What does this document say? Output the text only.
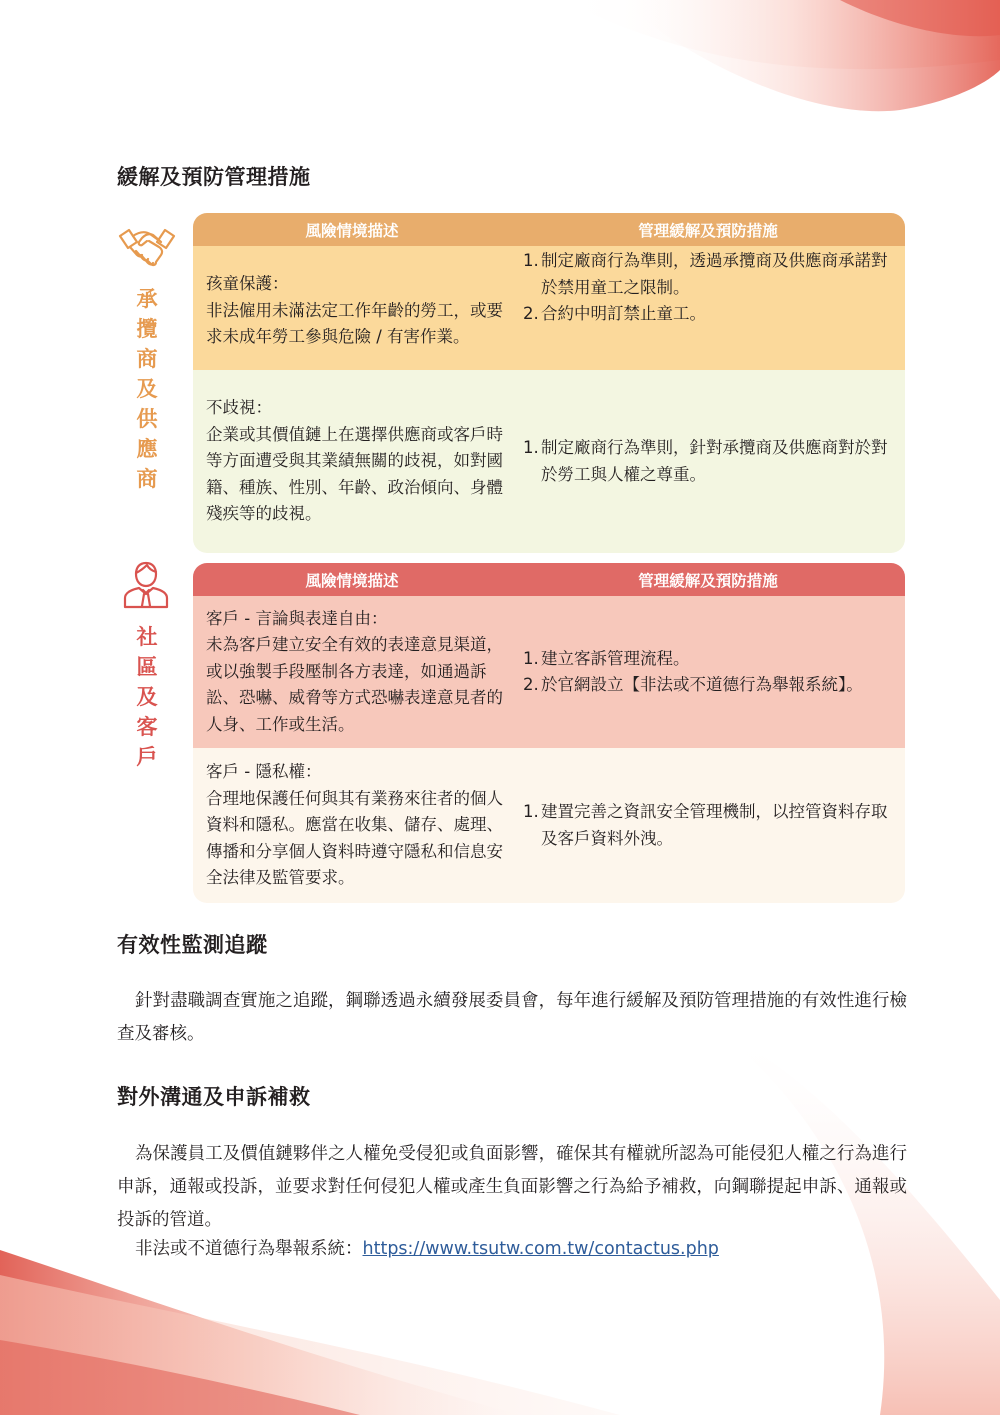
緩解及預防管理措施
承
攬
商
及
供
應
商
風險情境描述	管理緩解及預防措施
孩童保護：
非法僱用未滿法定工作年齡的勞工，或要求未成年勞工參與危險 / 有害作業。
1. 制定廠商行為準則，透過承攬商及供應商承諾對於禁用童工之限制。
2. 合約中明訂禁止童工。
不歧視：
企業或其價值鏈上在選擇供應商或客戶時等方面遭受與其業績無關的歧視，如對國籍、種族、性別、年齡、政治傾向、身體殘疾等的歧視。
1. 制定廠商行為準則，針對承攬商及供應商對於對於勞工與人權之尊重。
社
區
及
客
戶
風險情境描述	管理緩解及預防措施
客戶 - 言論與表達自由：
未為客戶建立安全有效的表達意見渠道，或以強製手段壓制各方表達，如通過訴訟、恐嚇、威脅等方式恐嚇表達意見者的人身、工作或生活。
1. 建立客訴管理流程。
2. 於官網設立【非法或不道德行為舉報系統】。
客戶 - 隱私權：
合理地保護任何與其有業務來往者的個人資料和隱私。應當在收集、儲存、處理、傳播和分享個人資料時遵守隱私和信息安全法律及監管要求。
1. 建置完善之資訊安全管理機制，以控管資料存取及客戶資料外洩。
有效性監測追蹤

針對盡職調查實施之追蹤，鋼聯透過永續發展委員會，每年進行緩解及預防管理措施的有效性進行檢查及審核。

對外溝通及申訴補救

為保護員工及價值鏈夥伴之人權免受侵犯或負面影響，確保其有權就所認為可能侵犯人權之行為進行申訴，通報或投訴，並要求對任何侵犯人權或產生負面影響之行為給予補救，向鋼聯提起申訴、通報或投訴的管道。

非法或不道德行為舉報系統：https://www.tsutw.com.tw/contactus.php
